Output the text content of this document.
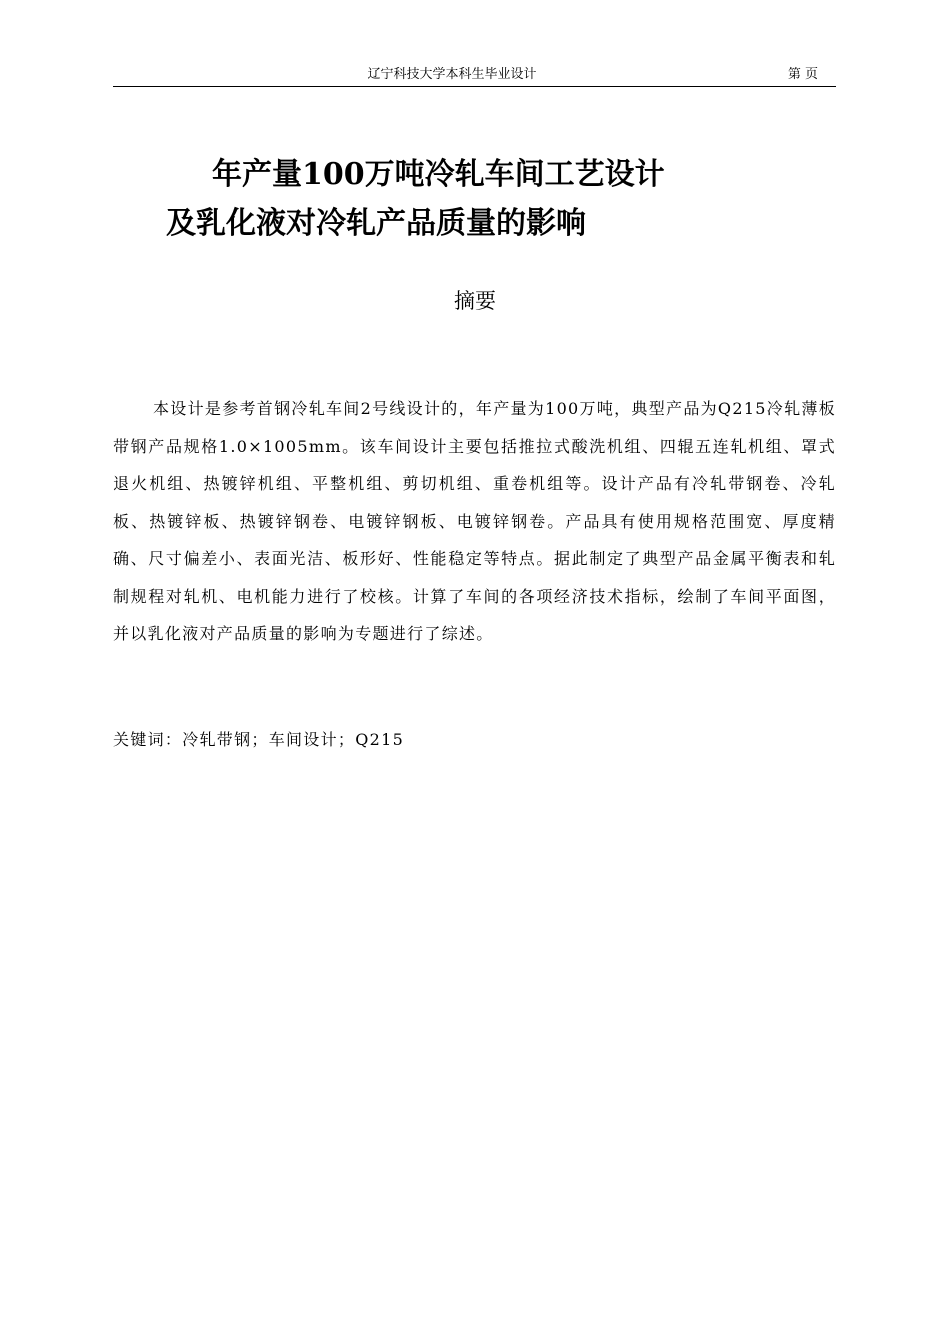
辽宁科技大学本科生毕业设计	第 页
年产量100万吨冷轧车间工艺设计
及乳化液对冷轧产品质量的影响
摘要

本设计是参考首钢冷轧车间2号线设计的，年产量为100万吨，典型产品为Q215冷轧薄板带钢产品规格1.0×1005mm。该车间设计主要包括推拉式酸洗机组、四辊五连轧机组、罩式退火机组、热镀锌机组、平整机组、剪切机组、重卷机组等。设计产品有冷轧带钢卷、冷轧板、热镀锌板、热镀锌钢卷、电镀锌钢板、电镀锌钢卷。产品具有使用规格范围宽、厚度精确、尺寸偏差小、表面光洁、板形好、性能稳定等特点。据此制定了典型产品金属平衡表和轧制规程对轧机、电机能力进行了校核。计算了车间的各项经济技术指标，绘制了车间平面图，并以乳化液对产品质量的影响为专题进行了综述。

关键词：冷轧带钢；车间设计；Q215
